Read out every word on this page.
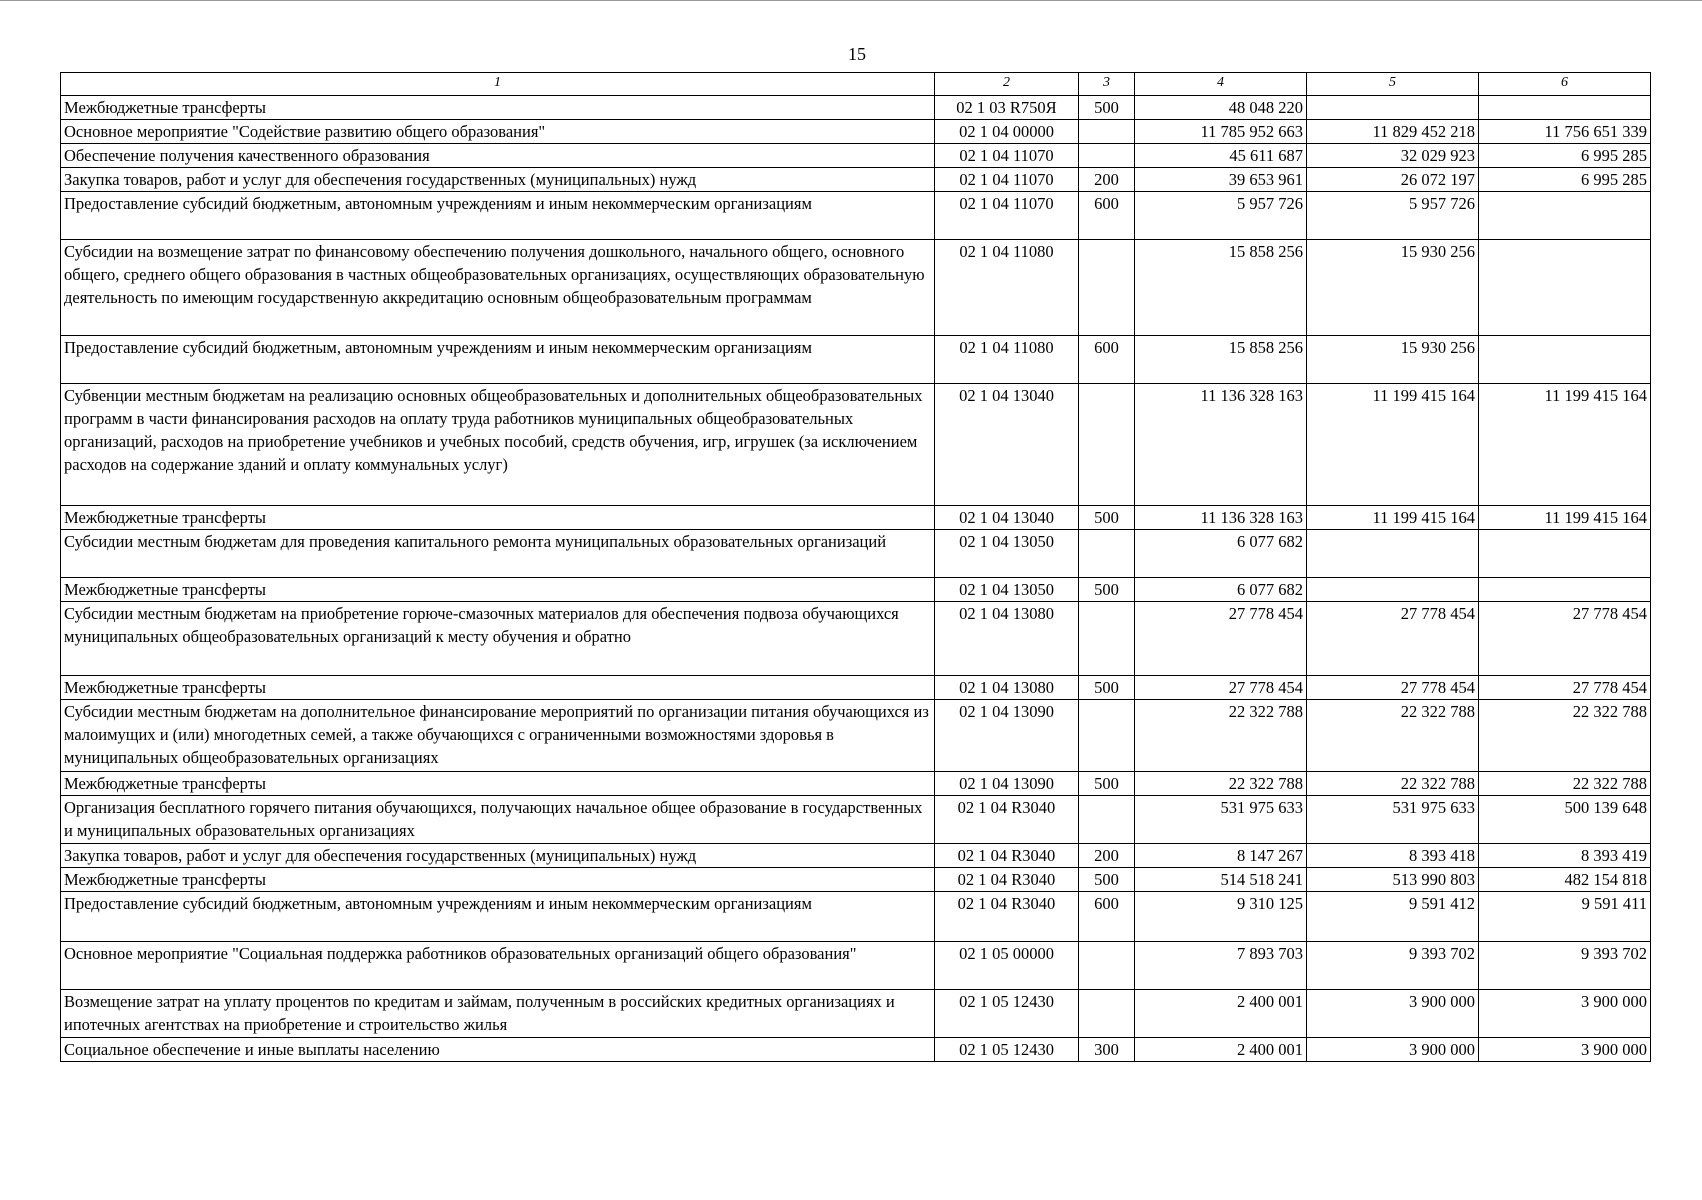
15
1	2	3	4	5	6
Межбюджетные трансферты	02 1 03 R750Я	500	48 048 220		
Основное мероприятие "Содействие развитию общего образования"	02 1 04 00000		11 785 952 663	11 829 452 218	11 756 651 339
Обеспечение получения качественного образования	02 1 04 11070		45 611 687	32 029 923	6 995 285
Закупка товаров, работ и услуг для обеспечения государственных (муниципальных) нужд	02 1 04 11070	200	39 653 961	26 072 197	6 995 285
Предоставление субсидий бюджетным, автономным учреждениям и иным некоммерческим организациям	02 1 04 11070	600	5 957 726	5 957 726	
Субсидии на возмещение затрат по финансовому обеспечению получения дошкольного, начального общего, основного общего, среднего общего образования в частных общеобразовательных организациях, осуществляющих образовательную деятельность по имеющим государственную аккредитацию основным общеобразовательным программам	02 1 04 11080		15 858 256	15 930 256	
Предоставление субсидий бюджетным, автономным учреждениям и иным некоммерческим организациям	02 1 04 11080	600	15 858 256	15 930 256	
Субвенции местным бюджетам на реализацию основных общеобразовательных и дополнительных общеобразовательных программ в части финансирования расходов на оплату труда работников муниципальных общеобразовательных организаций, расходов на приобретение учебников и учебных пособий, средств обучения, игр, игрушек (за исключением расходов на содержание зданий и оплату коммунальных услуг)	02 1 04 13040		11 136 328 163	11 199 415 164	11 199 415 164
Межбюджетные трансферты	02 1 04 13040	500	11 136 328 163	11 199 415 164	11 199 415 164
Субсидии местным бюджетам для проведения капитального ремонта муниципальных образовательных организаций	02 1 04 13050		6 077 682		
Межбюджетные трансферты	02 1 04 13050	500	6 077 682		
Субсидии местным бюджетам на приобретение горюче-смазочных материалов для обеспечения подвоза обучающихся муниципальных общеобразовательных организаций к месту обучения и обратно	02 1 04 13080		27 778 454	27 778 454	27 778 454
Межбюджетные трансферты	02 1 04 13080	500	27 778 454	27 778 454	27 778 454
Субсидии местным бюджетам на дополнительное финансирование мероприятий по организации питания обучающихся из малоимущих и (или) многодетных семей, а также обучающихся с ограниченными возможностями здоровья в муниципальных общеобразовательных организациях	02 1 04 13090		22 322 788	22 322 788	22 322 788
Межбюджетные трансферты	02 1 04 13090	500	22 322 788	22 322 788	22 322 788
Организация бесплатного горячего питания обучающихся, получающих начальное общее образование в государственных и муниципальных образовательных организациях	02 1 04 R3040		531 975 633	531 975 633	500 139 648
Закупка товаров, работ и услуг для обеспечения государственных (муниципальных) нужд	02 1 04 R3040	200	8 147 267	8 393 418	8 393 419
Межбюджетные трансферты	02 1 04 R3040	500	514 518 241	513 990 803	482 154 818
Предоставление субсидий бюджетным, автономным учреждениям и иным некоммерческим организациям	02 1 04 R3040	600	9 310 125	9 591 412	9 591 411
Основное мероприятие "Социальная поддержка работников образовательных организаций общего образования"	02 1 05 00000		7 893 703	9 393 702	9 393 702
Возмещение затрат на уплату процентов по кредитам и займам, полученным в российских кредитных организациях и ипотечных агентствах на приобретение и строительство жилья	02 1 05 12430		2 400 001	3 900 000	3 900 000
Социальное обеспечение и иные выплаты населению	02 1 05 12430	300	2 400 001	3 900 000	3 900 000
